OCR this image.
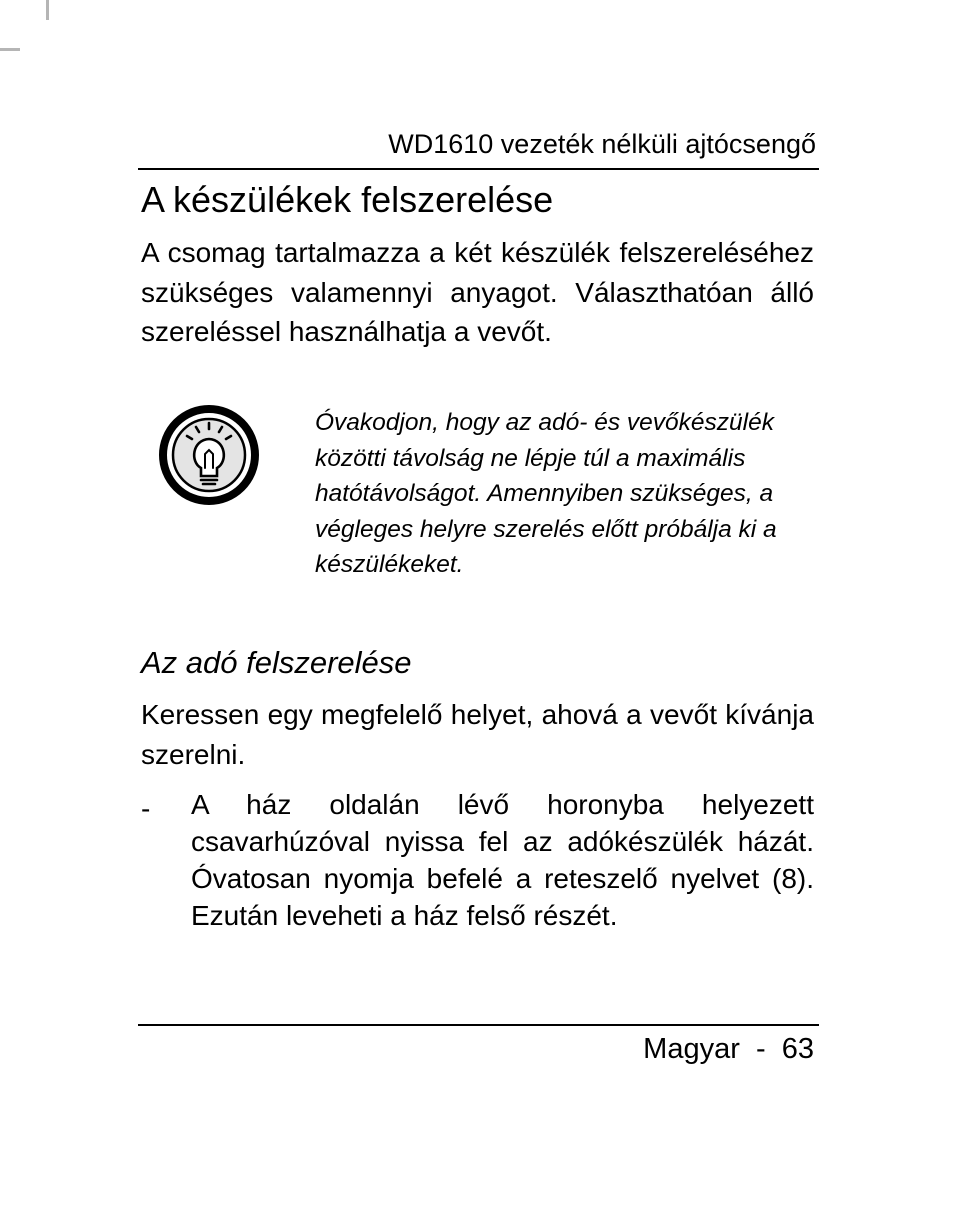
WD1610 vezeték nélküli ajtócsengő
A készülékek felszerelése

A csomag tartalmazza a két készülék felszereléséhez szükséges valamennyi anyagot. Választhatóan álló szereléssel használhatja a vevőt.

Óvakodjon, hogy az adó- és vevőkészülék közötti távolság ne lépje túl a maximális hatótávolságot. Amennyiben szükséges, a végleges helyre szerelés előtt próbálja ki a készülékeket.

Az adó felszerelése

Keressen egy megfelelő helyet, ahová a vevőt kívánja szerelni.

- A ház oldalán lévő horonyba helyezett csavarhúzóval nyissa fel az adókészülék házát. Óvatosan nyomja befelé a reteszelő nyelvet (8). Ezután leveheti a ház felső részét.

Magyar  -  63
